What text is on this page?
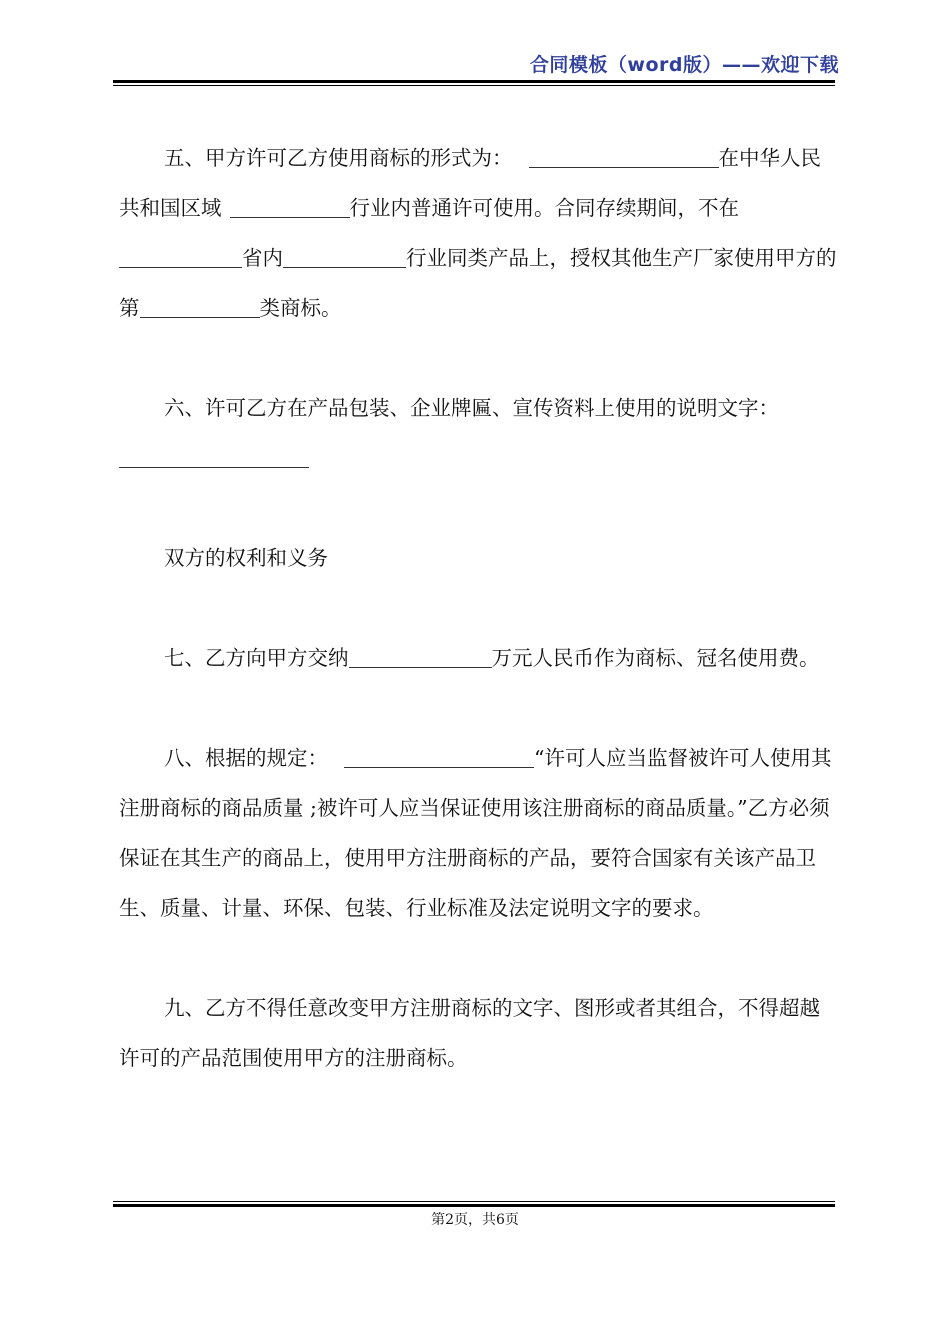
合同模板（word版）——欢迎下载

五、甲方许可乙方使用商标的形式为：	在中华人民共和国区域	行业内普通许可使用。合同存续期间，不在省内	行业同类产品上，授权其他生产厂家使用甲方的第	类商标。

六、许可乙方在产品包装、企业牌匾、宣传资料上使用的说明文字：

双方的权利和义务

七、乙方向甲方交纳	万元人民币作为商标、冠名使用费。

八、根据的规定：	“许可人应当监督被许可人使用其注册商标的商品质量 ;被许可人应当保证使用该注册商标的商品质量。”乙方必须保证在其生产的商品上，使用甲方注册商标的产品，要符合国家有关该产品卫生、质量、计量、环保、包装、行业标准及法定说明文字的要求。

九、乙方不得任意改变甲方注册商标的文字、图形或者其组合，不得超越许可的产品范围使用甲方的注册商标。

第2页，共6页
